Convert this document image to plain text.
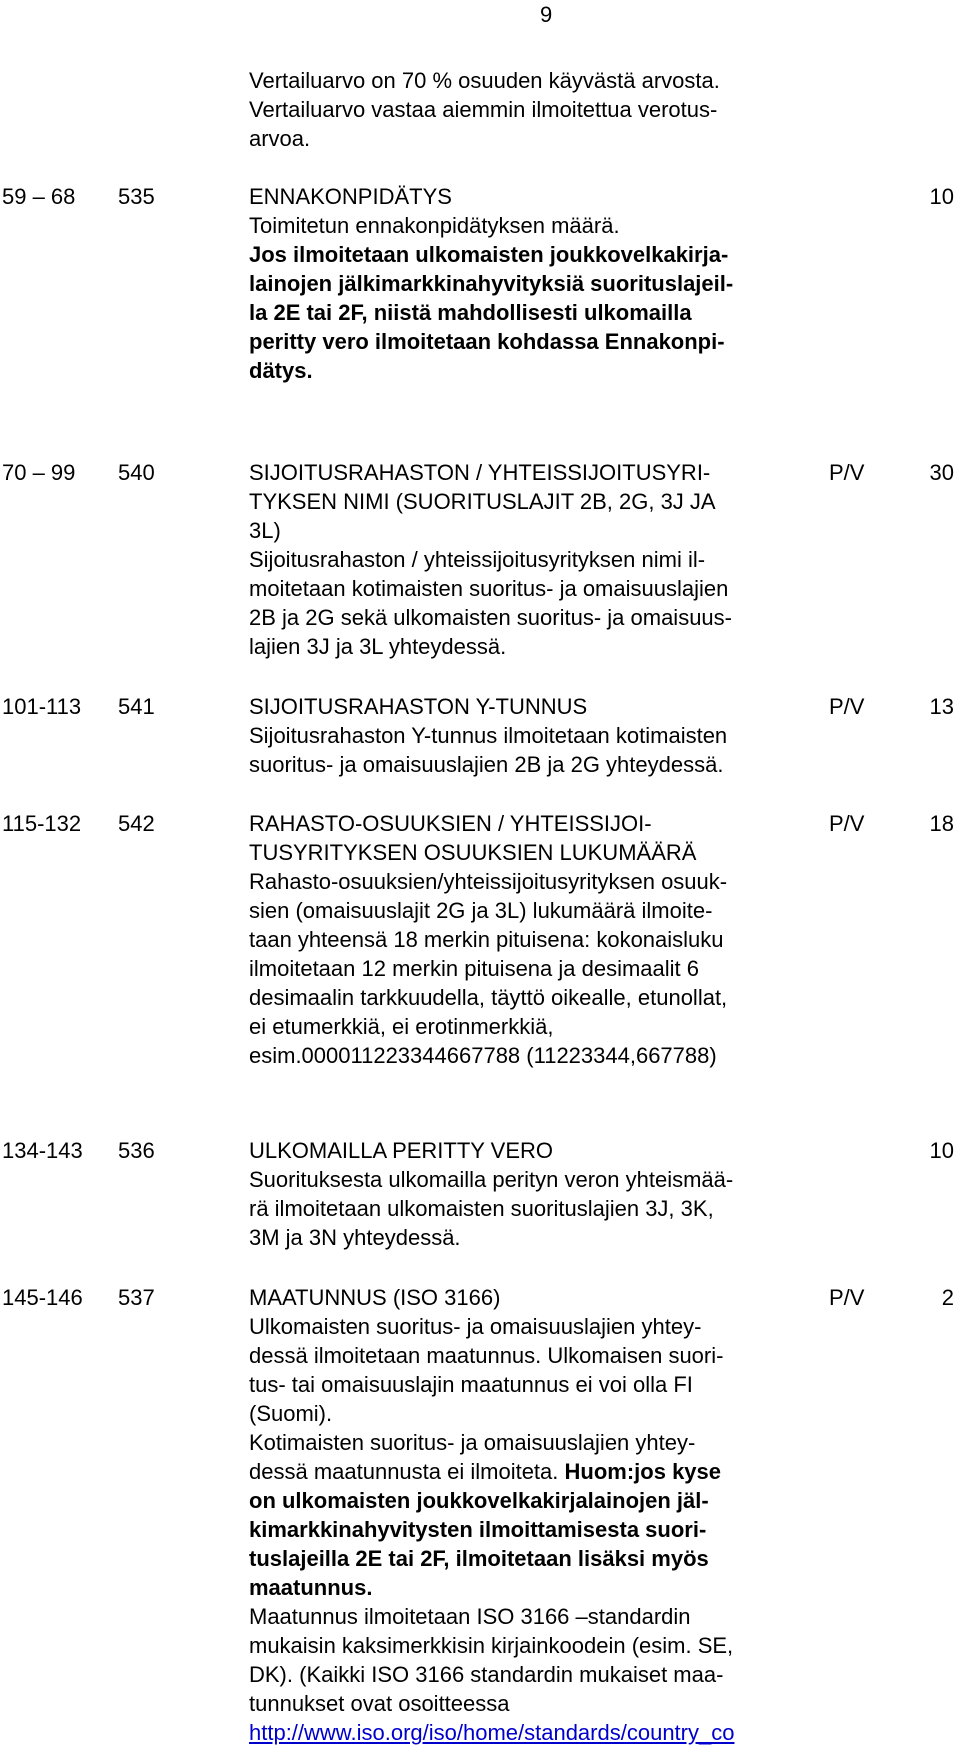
9
Vertailuarvo on 70 % osuuden käyvästä arvosta.
Vertailuarvo vastaa aiemmin ilmoitettua verotus-
arvoa.
59 – 68 535	ENNAKONPIDÄTYS
Toimitetun ennakonpidätyksen määrä.
Jos ilmoitetaan ulkomaisten joukkovelkakirja-
lainojen jälkimarkkinahyvityksiä suorituslajeil-
la 2E tai 2F, niistä mahdollisesti ulkomailla
peritty vero ilmoitetaan kohdassa Ennakonpi-
dätys.
10
70 – 99 540	SIJOITUSRAHASTON / YHTEISSIJOITUSYRI-
TYKSEN NIMI (SUORITUSLAJIT 2B, 2G, 3J JA
3L)
Sijoitusrahaston / yhteissijoitusyrityksen nimi il-
moitetaan kotimaisten suoritus- ja omaisuuslajien
2B ja 2G sekä ulkomaisten suoritus- ja omaisuus-
lajien 3J ja 3L yhteydessä.
P/V	30
101-113 541	SIJOITUSRAHASTON Y-TUNNUS
Sijoitusrahaston Y-tunnus ilmoitetaan kotimaisten
suoritus- ja omaisuuslajien 2B ja 2G yhteydessä.
P/V	13
115-132 542	RAHASTO-OSUUKSIEN / YHTEISSIJOI-
TUSYRITYKSEN OSUUKSIEN LUKUMÄÄRÄ
Rahasto-osuuksien/yhteissijoitusyrityksen osuuk-
sien (omaisuuslajit 2G ja 3L) lukumäärä ilmoite-
taan yhteensä 18 merkin pituisena: kokonaisluku
ilmoitetaan 12 merkin pituisena ja desimaalit 6
desimaalin tarkkuudella, täyttö oikealle, etunollat,
ei etumerkkiä, ei erotinmerkkiä,
esim.000011223344667788 (11223344,667788)
P/V	18
134-143 536	ULKOMAILLA PERITTY VERO
Suorituksesta ulkomailla perityn veron yhteismää-
rä ilmoitetaan ulkomaisten suorituslajien 3J, 3K,
3M ja 3N yhteydessä.
10
145-146 537	MAATUNNUS (ISO 3166)
Ulkomaisten suoritus- ja omaisuuslajien yhtey-
dessä ilmoitetaan maatunnus. Ulkomaisen suori-
tus- tai omaisuuslajin maatunnus ei voi olla FI
(Suomi).
Kotimaisten suoritus- ja omaisuuslajien yhtey-
dessä maatunnusta ei ilmoiteta. Huom:jos kyse
on ulkomaisten joukkovelkakirjalainojen jäl-
kimarkkinahyvitysten ilmoittamisesta suori-
tuslajeilla 2E tai 2F, ilmoitetaan lisäksi myös
maatunnus.
Maatunnus ilmoitetaan ISO 3166 –standardin
mukaisin kaksimerkkisin kirjainkoodein (esim. SE,
DK). (Kaikki ISO 3166 standardin mukaiset maa-
tunnukset ovat osoitteessa
http://www.iso.org/iso/home/standards/country_co
P/V	2
